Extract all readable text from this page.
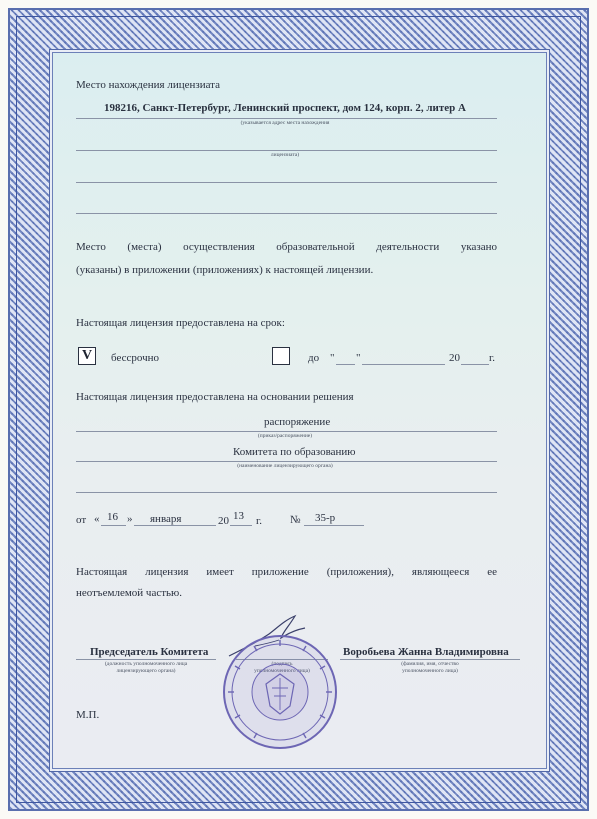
Место нахождения лицензиата
198216, Санкт-Петербург, Ленинский проспект, дом 124, корп. 2, литер А
(указывается адрес места нахождения
лицензиата)
Место (места) осуществления образовательной деятельности указано
(указаны) в приложении (приложениях) к настоящей лицензии.
Настоящая лицензия предоставлена на срок:
V	бессрочно	до " "	20	г.
Настоящая лицензия предоставлена на основании решения
распоряжение
(приказ/распоряжение)
Комитета по образованию
(наименование лицензирующего органа)
от « 16 » января	20 13 г.	№ 35-р
Настоящая лицензия имеет приложение (приложения), являющееся ее
неотъемлемой частью.
Председатель Комитета
(должность уполномоченного лица
лицензирующего органа)
Воробьева Жанна Владимировна
(фамилия, имя, отчество
уполномоченного лица)
М.П.
